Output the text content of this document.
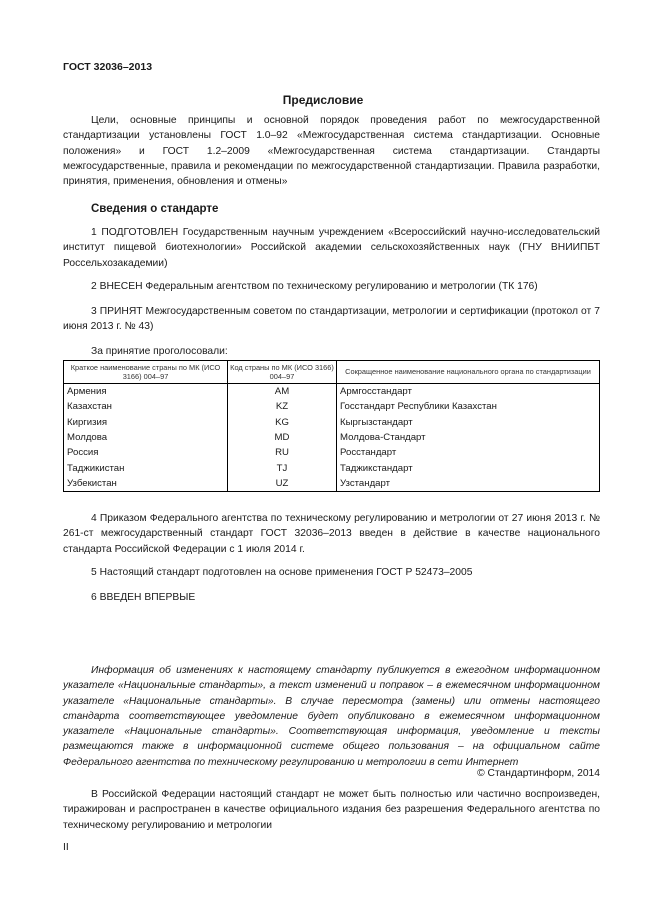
ГОСТ 32036–2013
Предисловие
Цели, основные принципы и основной порядок проведения работ по межгосударственной стандартизации установлены ГОСТ 1.0–92 «Межгосударственная система стандартизации. Основные положения» и ГОСТ 1.2–2009 «Межгосударственная система стандартизации. Стандарты межгосударственные, правила и рекомендации по межгосударственной стандартизации. Правила разработки, принятия, применения, обновления и отмены»
Сведения о стандарте
1 ПОДГОТОВЛЕН Государственным научным учреждением «Всероссийский научно-исследовательский институт пищевой биотехнологии» Российской академии сельскохозяйственных наук (ГНУ ВНИИПБТ Россельхозакадемии)
2 ВНЕСЕН Федеральным агентством по техническому регулированию и метрологии (ТК 176)
3 ПРИНЯТ Межгосударственным советом по стандартизации, метрологии и сертификации (протокол от 7 июня 2013 г. № 43)
За принятие проголосовали:
Краткое наименование страны по МК (ИСО 3166) 004–97	Код страны по МК (ИСО 3166) 004–97	Сокращенное наименование национального органа по стандартизации
Армения	AM	Армгосстандарт
Казахстан	KZ	Госстандарт Республики Казахстан
Киргизия	KG	Кыргызстандарт
Молдова	MD	Молдова-Стандарт
Россия	RU	Росстандарт
Таджикистан	TJ	Таджикстандарт
Узбекистан	UZ	Узстандарт
4 Приказом Федерального агентства по техническому регулированию и метрологии от 27 июня 2013 г. № 261-ст межгосударственный стандарт ГОСТ 32036–2013 введен в действие в качестве национального стандарта Российской Федерации с 1 июля 2014 г.
5 Настоящий стандарт подготовлен на основе применения ГОСТ Р 52473–2005
6 ВВЕДЕН ВПЕРВЫЕ
Информация об изменениях к настоящему стандарту публикуется в ежегодном информационном указателе «Национальные стандарты», а текст изменений и поправок – в ежемесячном информационном указателе «Национальные стандарты». В случае пересмотра (замены) или отмены настоящего стандарта соответствующее уведомление будет опубликовано в ежемесячном информационном указателе «Национальные стандарты». Соответствующая информация, уведомление и тексты размещаются также в информационной системе общего пользования – на официальном сайте Федерального агентства по техническому регулированию и метрологии в сети Интернет
© Стандартинформ, 2014
В Российской Федерации настоящий стандарт не может быть полностью или частично воспроизведен, тиражирован и распространен в качестве официального издания без разрешения Федерального агентства по техническому регулированию и метрологии
II
